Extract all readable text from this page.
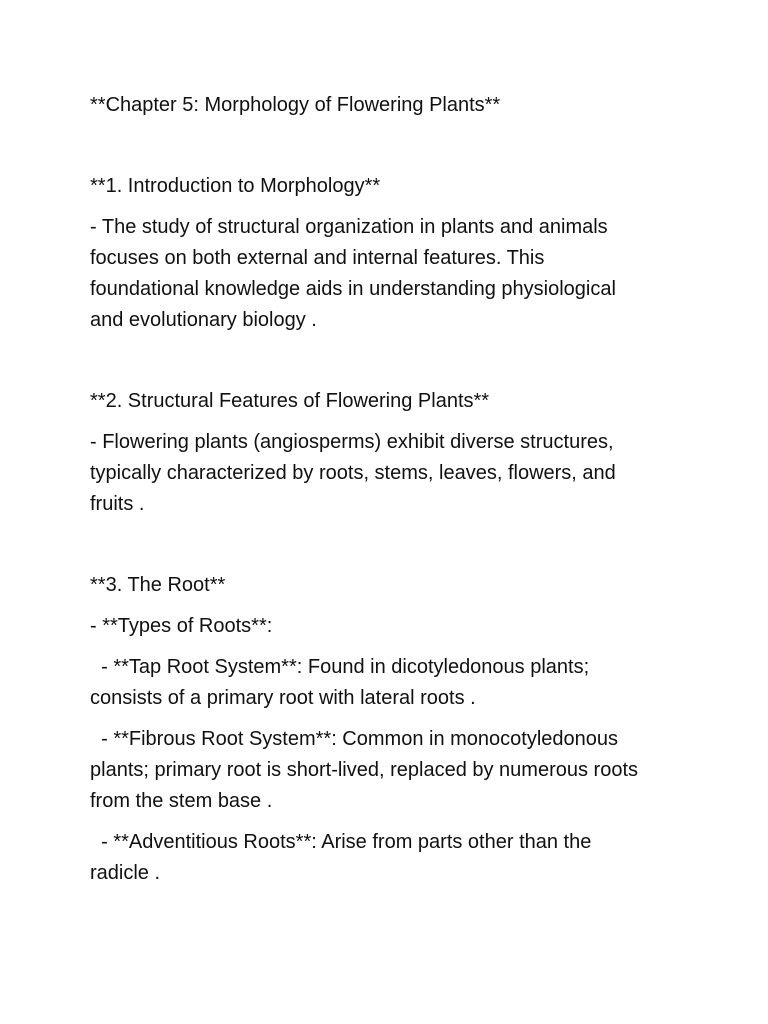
**Chapter 5: Morphology of Flowering Plants**
**1. Introduction to Morphology**
- The study of structural organization in plants and animals
focuses on both external and internal features. This
foundational knowledge aids in understanding physiological
and evolutionary biology .
**2. Structural Features of Flowering Plants**
- Flowering plants (angiosperms) exhibit diverse structures,
typically characterized by roots, stems, leaves, flowers, and
fruits .
**3. The Root**
- **Types of Roots**:
- **Tap Root System**: Found in dicotyledonous plants;
consists of a primary root with lateral roots .
- **Fibrous Root System**: Common in monocotyledonous
plants; primary root is short-lived, replaced by numerous roots
from the stem base .
- **Adventitious Roots**: Arise from parts other than the
radicle .
